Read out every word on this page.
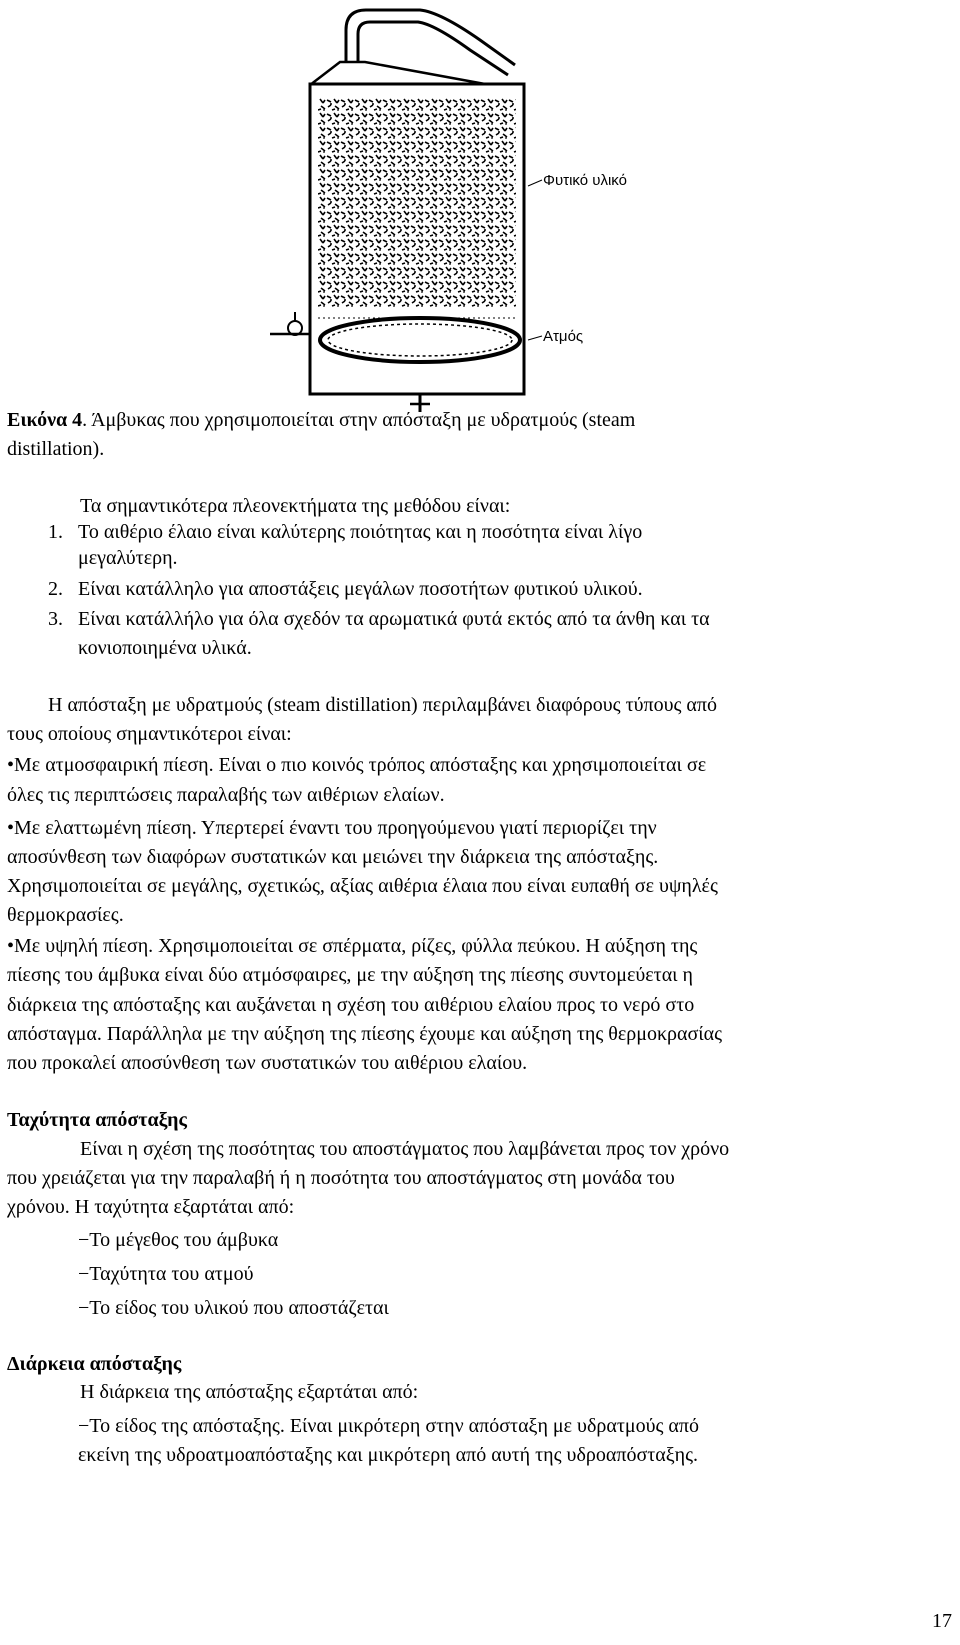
Φυτικό υλικό
Ατμός
Εικόνα 4. Άμβυκας που χρησιμοποιείται στην απόσταξη με υδρατμούς (steam
distillation).
Τα σημαντικότερα πλεονεκτήματα της μεθόδου είναι:
1. Το αιθέριο έλαιο είναι καλύτερης ποιότητας και η ποσότητα είναι λίγο
μεγαλύτερη.
2. Είναι κατάλληλο για αποστάξεις μεγάλων ποσοτήτων φυτικού υλικού.
3. Είναι κατάλλήλο για όλα σχεδόν τα αρωματικά φυτά εκτός από τα άνθη και τα
κονιοποιημένα υλικά.
Η απόσταξη με υδρατμούς (steam distillation) περιλαμβάνει διαφόρους τύπους από
τους οποίους σημαντικότεροι είναι:
• Με ατμοσφαιρική πίεση. Είναι ο πιο κοινός τρόπος απόσταξης και χρησιμοποιείται σε
όλες τις περιπτώσεις παραλαβής των αιθέριων ελαίων.
• Με ελαττωμένη πίεση. Υπερτερεί έναντι του προηγούμενου γιατί περιορίζει την
αποσύνθεση των διαφόρων συστατικών και μειώνει την διάρκεια της απόσταξης.
Χρησιμοποιείται σε μεγάλης, σχετικώς, αξίας αιθέρια έλαια που είναι ευπαθή σε υψηλές
θερμοκρασίες.
• Με υψηλή πίεση. Χρησιμοποιείται σε σπέρματα, ρίζες, φύλλα πεύκου. Η αύξηση της
πίεσης του άμβυκα είναι δύο ατμόσφαιρες, με την αύξηση της πίεσης συντομεύεται η
διάρκεια της απόσταξης και αυξάνεται η σχέση του αιθέριου ελαίου προς το νερό στο
απόσταγμα. Παράλληλα με την αύξηση της πίεσης έχουμε και αύξηση της θερμοκρασίας
που προκαλεί αποσύνθεση των συστατικών του αιθέριου ελαίου.
Ταχύτητα απόσταξης
Είναι η σχέση της ποσότητας του αποστάγματος που λαμβάνεται προς τον χρόνο
που χρειάζεται για την παραλαβή ή η ποσότητα του αποστάγματος στη μονάδα του
χρόνου. Η ταχύτητα εξαρτάται από:
−Το μέγεθος του άμβυκα
−Ταχύτητα του ατμού
−Το είδος του υλικού που αποστάζεται
Διάρκεια απόσταξης
Η διάρκεια της απόσταξης εξαρτάται από:
−Το είδος της απόσταξης. Είναι μικρότερη στην απόσταξη με υδρατμούς από
εκείνη της υδροατμοαπόσταξης και μικρότερη από αυτή της υδροαπόσταξης.
17
